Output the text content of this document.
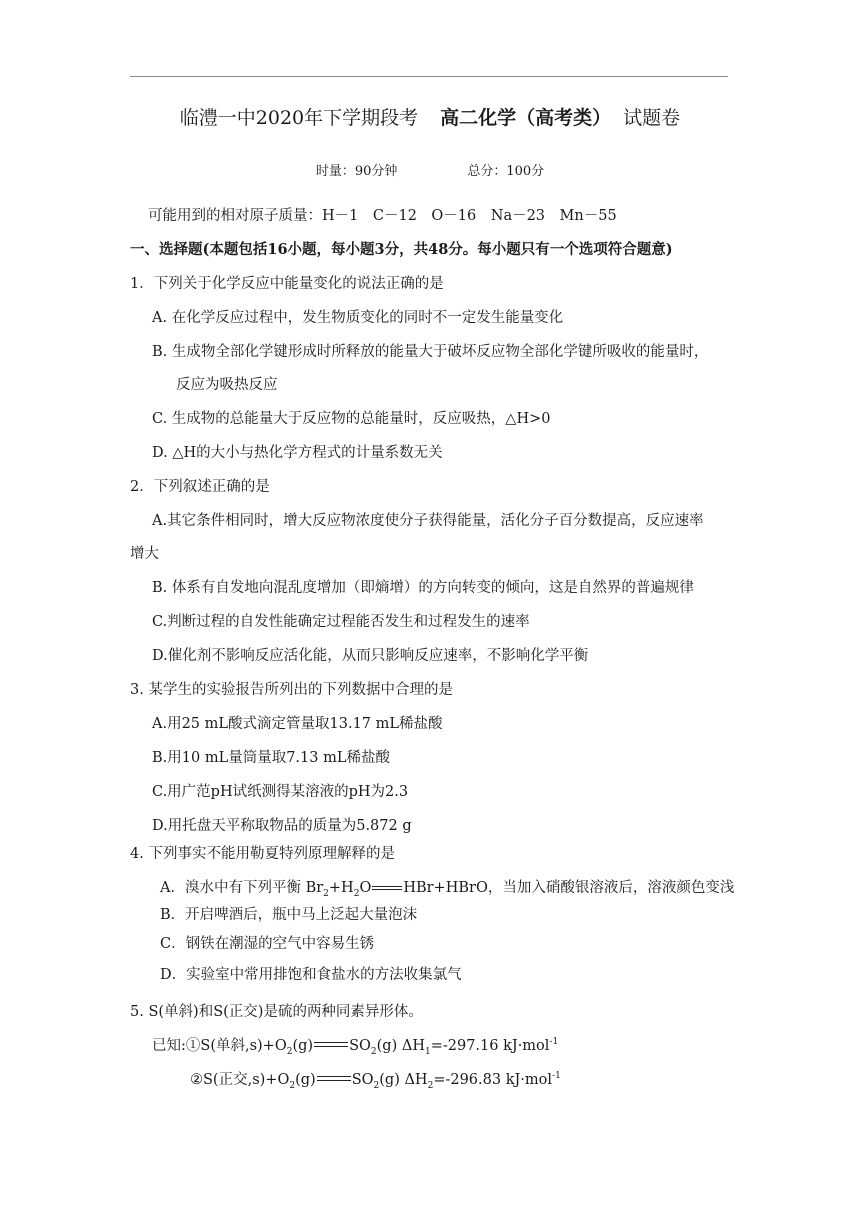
临澧一中2020年下学期段考 高二化学（高考类） 试题卷
时量：90分钟	总分：100分
可能用到的相对原子质量：H－1　C－12　O－16　Na－23　Mn－55
一、选择题(本题包括16小题，每小题3分，共48分。每小题只有一个选项符合题意)
1．下列关于化学反应中能量变化的说法正确的是
A. 在化学反应过程中，发生物质变化的同时不一定发生能量变化
B. 生成物全部化学键形成时所释放的能量大于破坏反应物全部化学键所吸收的能量时，
反应为吸热反应
C. 生成物的总能量大于反应物的总能量时，反应吸热，△H>0
D. △H的大小与热化学方程式的计量系数无关
2．下列叙述正确的是
A.其它条件相同时，增大反应物浓度使分子获得能量，活化分子百分数提高，反应速率
增大
B. 体系有自发地向混乱度增加（即熵增）的方向转变的倾向，这是自然界的普遍规律
C.判断过程的自发性能确定过程能否发生和过程发生的速率
D.催化剂不影响反应活化能，从而只影响反应速率，不影响化学平衡
3. 某学生的实验报告所列出的下列数据中合理的是
A.用25 mL酸式滴定管量取13.17 mL稀盐酸
B.用10 mL量筒量取7.13 mL稀盐酸
C.用广范pH试纸测得某溶液的pH为2.3
D.用托盘天平称取物品的质量为5.872 g
4. 下列事实不能用勒夏特列原理解释的是
A．溴水中有下列平衡 $Br_2+H_2O$ HBr+HBrO，当加入硝酸银溶液后，溶液颜色变浅
B．开启啤酒后，瓶中马上泛起大量泡沫
C．钢铁在潮湿的空气中容易生锈
D．实验室中常用排饱和食盐水的方法收集氯气
5. S(单斜)和S(正交)是硫的两种同素异形体。
已知:①S(单斜$,s)+O_2(g)$ $SO_2(g)$ $\Delta H_1=-297.16$ kJ·mol$^{-1}$
②S(正交$,s)+O_2(g)$ $SO_2(g)$ $\Delta H_2=-296.83$ kJ·mol$^{-1}$
